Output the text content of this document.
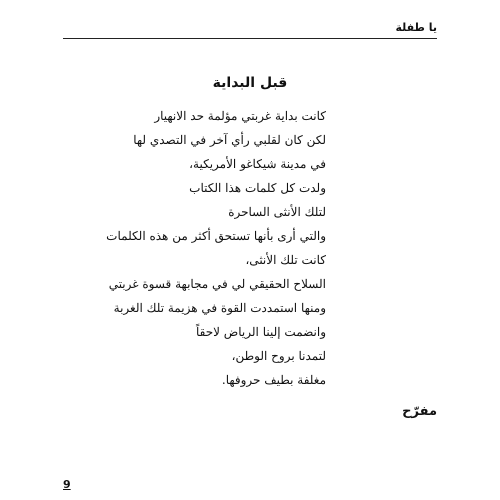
يا طفلة
قبل البداية
كانت بداية غربتي مؤلمة حد الانهيار
لكن كان لقلبي رأي آخر في التصدي لها
في مدينة شيكاغو الأمريكية،
ولدت كل كلمات هذا الكتاب
لتلك الأنثى الساحرة
والتي أرى بأنها تستحق أكثر من هذه الكلمات
كانت تلك الأنثى،
السلاح الحقيقي لي في مجابهة قسوة غربتي
ومنها استمددت القوة في هزيمة تلك الغربة
وانضمت إلينا الرياض لاحقاً
لتمدنا بروح الوطن،
مغلفة بطيف حروفها.
مفرّح
9
